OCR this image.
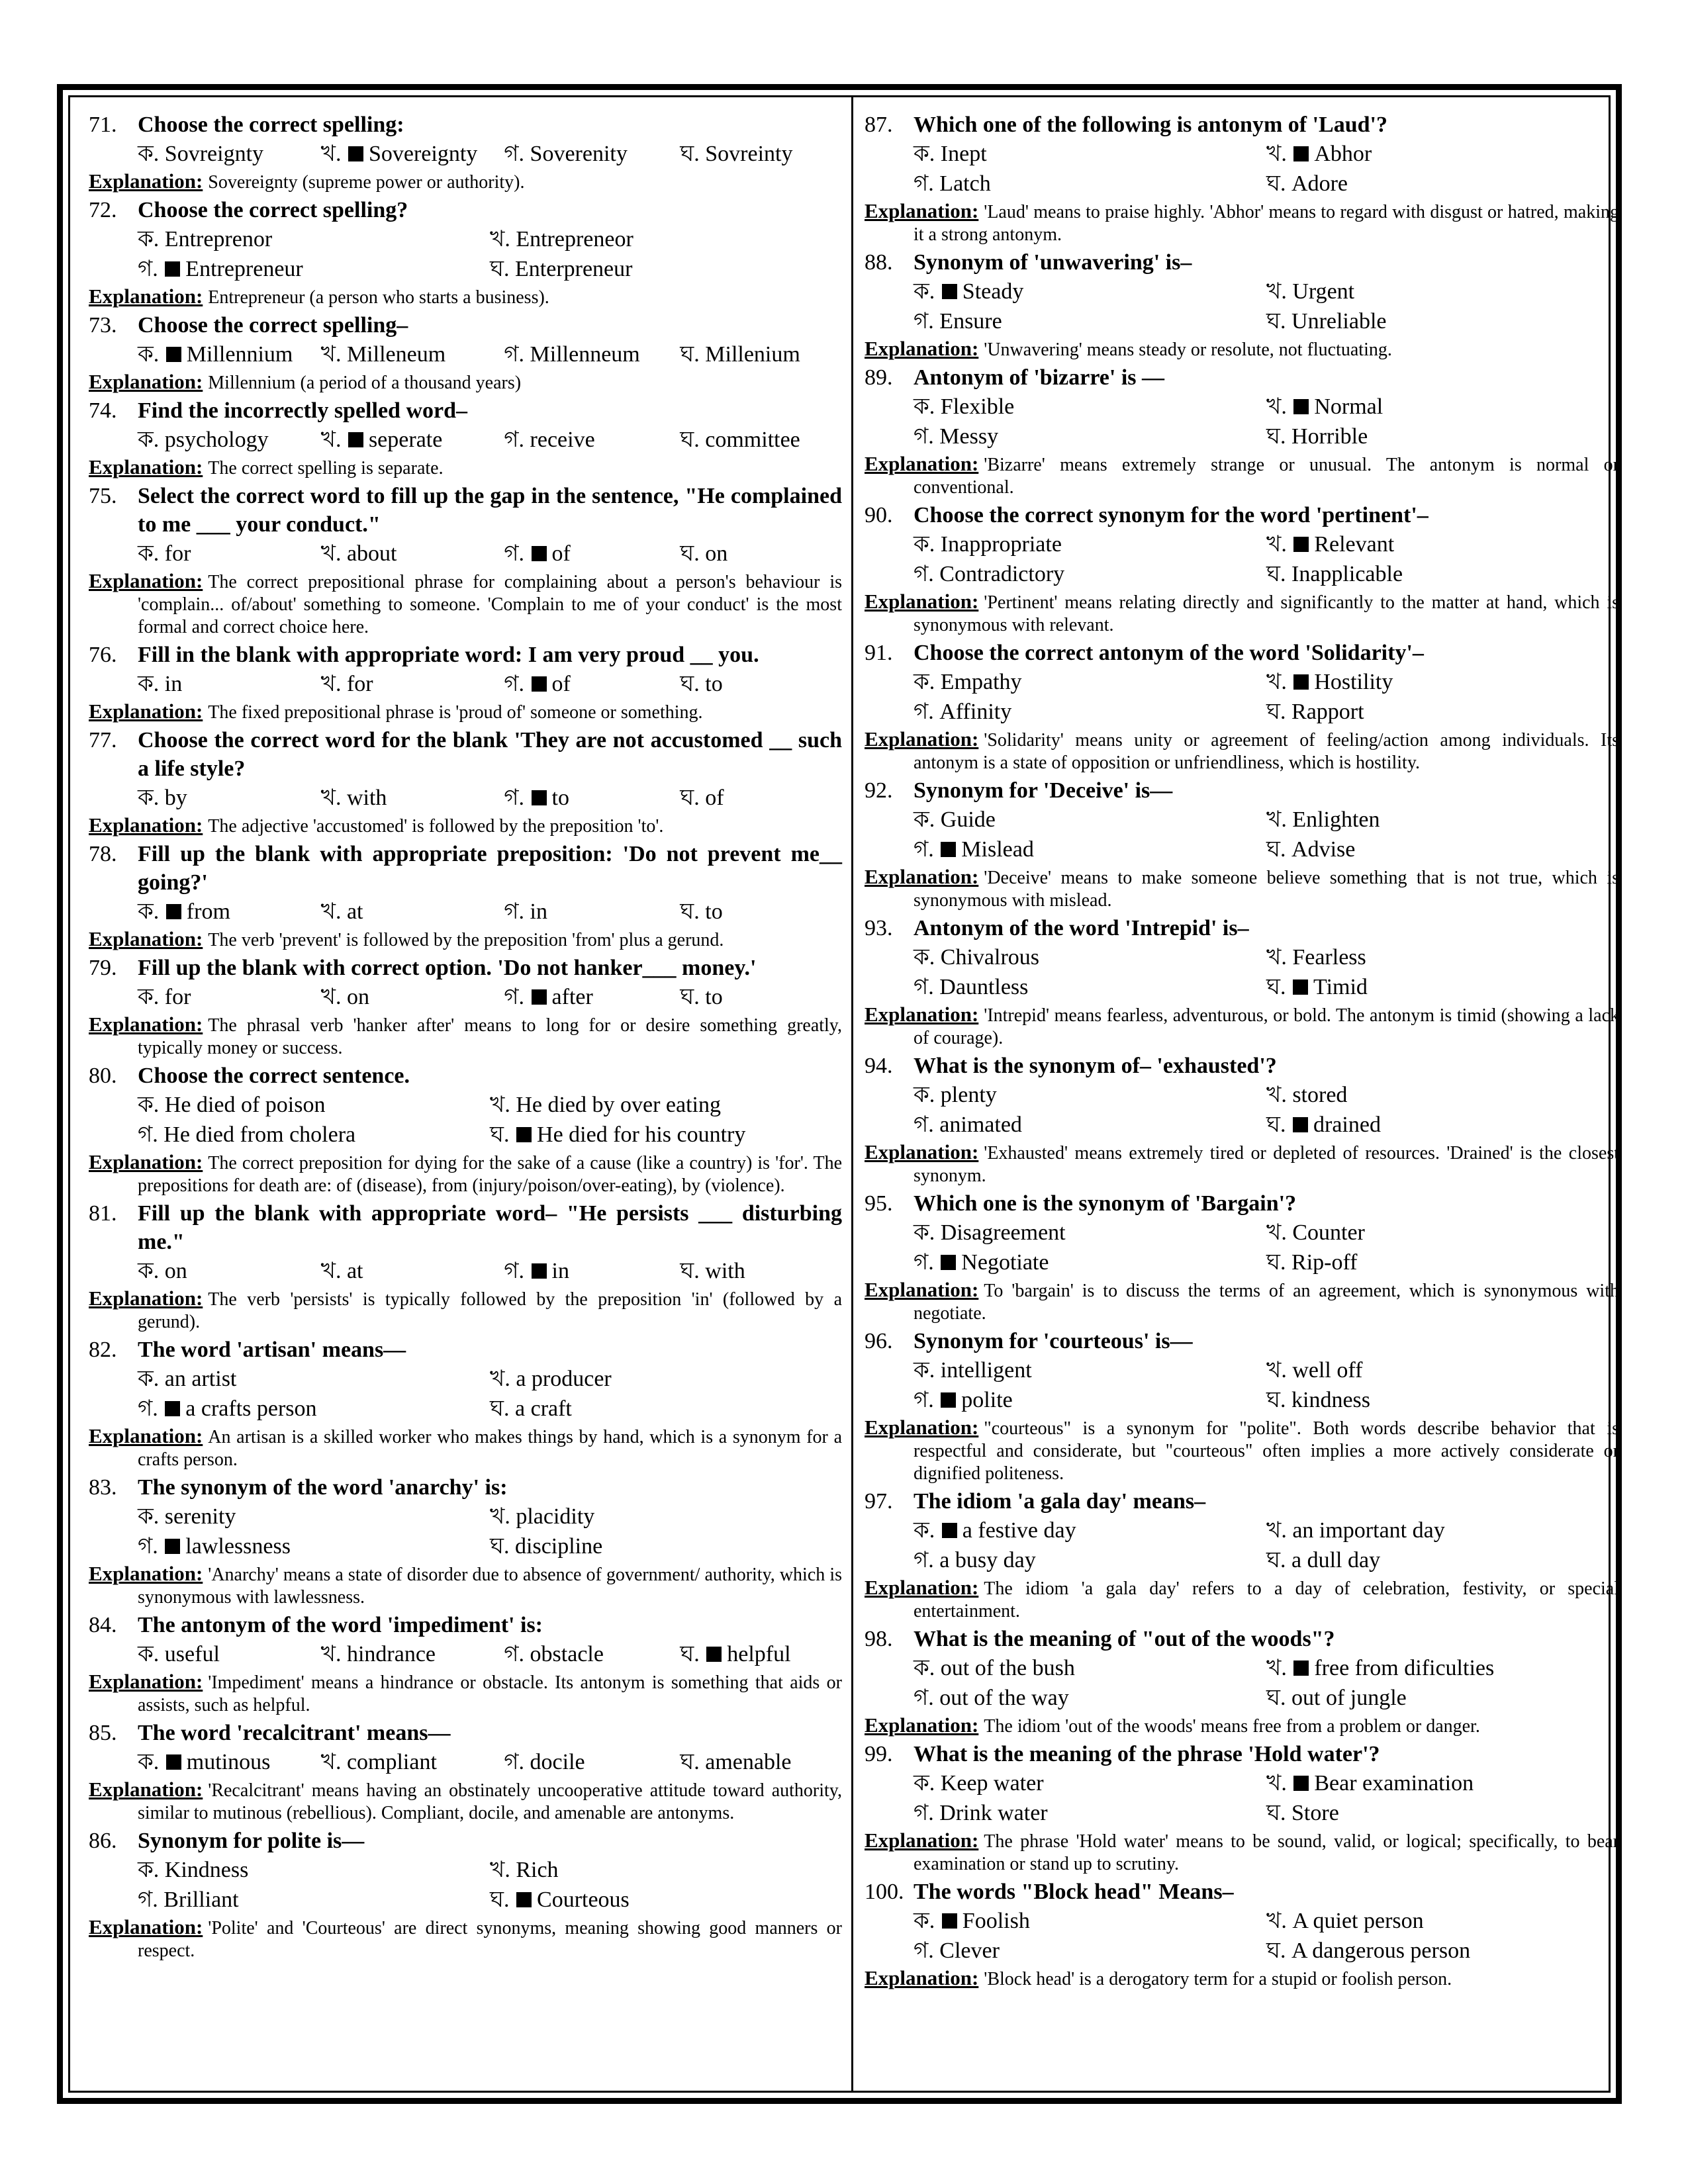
71. Choose the correct spelling:
ক. Sovreignty	খ. Sovereignty	গ. Soverenity	ঘ. Sovreinty
Explanation: Sovereignty (supreme power or authority).
72. Choose the correct spelling?
ক. Entreprenor	খ. Entrepreneor
গ. Entrepreneur	ঘ. Enterpreneur
Explanation: Entrepreneur (a person who starts a business).
73. Choose the correct spelling–
ক. Millennium	খ. Milleneum	গ. Millenneum	ঘ. Millenium
Explanation: Millennium (a period of a thousand years)
74. Find the incorrectly spelled word–
ক. psychology	খ. seperate	গ. receive	ঘ. committee
Explanation: The correct spelling is separate.
75. Select the correct word to fill up the gap in the sentence, "He complained to me ___ your conduct."
ক. for	খ. about	গ. of	ঘ. on
Explanation: The correct prepositional phrase for complaining about a person's behaviour is 'complain... of/about' something to someone. 'Complain to me of your conduct' is the most formal and correct choice here.
76. Fill in the blank with appropriate word: I am very proud __ you.
ক. in	খ. for	গ. of	ঘ. to
Explanation: The fixed prepositional phrase is 'proud of' someone or something.
77. Choose the correct word for the blank 'They are not accustomed __ such a life style?
ক. by	খ. with	গ. to	ঘ. of
Explanation: The adjective 'accustomed' is followed by the preposition 'to'.
78. Fill up the blank with appropriate preposition: 'Do not prevent me__ going?'
ক. from	খ. at	গ. in	ঘ. to
Explanation: The verb 'prevent' is followed by the preposition 'from' plus a gerund.
79. Fill up the blank with correct option. 'Do not hanker___ money.'
ক. for	খ. on	গ. after	ঘ. to
Explanation: The phrasal verb 'hanker after' means to long for or desire something greatly, typically money or success.
80. Choose the correct sentence.
ক. He died of poison	খ. He died by over eating
গ. He died from cholera	ঘ. He died for his country
Explanation: The correct preposition for dying for the sake of a cause (like a country) is 'for'. The prepositions for death are: of (disease), from (injury/poison/over-eating), by (violence).
81. Fill up the blank with appropriate word– "He persists ___ disturbing me."
ক. on	খ. at	গ. in	ঘ. with
Explanation: The verb 'persists' is typically followed by the preposition 'in' (followed by a gerund).
82. The word 'artisan' means—
ক. an artist	খ. a producer
গ. a crafts person	ঘ. a craft
Explanation: An artisan is a skilled worker who makes things by hand, which is a synonym for a crafts person.
83. The synonym of the word 'anarchy' is:
ক. serenity	খ. placidity
গ. lawlessness	ঘ. discipline
Explanation: 'Anarchy' means a state of disorder due to absence of government/ authority, which is synonymous with lawlessness.
84. The antonym of the word 'impediment' is:
ক. useful	খ. hindrance	গ. obstacle	ঘ. helpful
Explanation: 'Impediment' means a hindrance or obstacle. Its antonym is something that aids or assists, such as helpful.
85. The word 'recalcitrant' means—
ক. mutinous	খ. compliant	গ. docile	ঘ. amenable
Explanation: 'Recalcitrant' means having an obstinately uncooperative attitude toward authority, similar to mutinous (rebellious). Compliant, docile, and amenable are antonyms.
86. Synonym for polite is—
ক. Kindness	খ. Rich
গ. Brilliant	ঘ. Courteous
Explanation: 'Polite' and 'Courteous' are direct synonyms, meaning showing good manners or respect.
87. Which one of the following is antonym of 'Laud'?
ক. Inept	খ. Abhor
গ. Latch	ঘ. Adore
Explanation: 'Laud' means to praise highly. 'Abhor' means to regard with disgust or hatred, making it a strong antonym.
88. Synonym of 'unwavering' is–
ক. Steady	খ. Urgent
গ. Ensure	ঘ. Unreliable
Explanation: 'Unwavering' means steady or resolute, not fluctuating.
89. Antonym of 'bizarre' is —
ক. Flexible	খ. Normal
গ. Messy	ঘ. Horrible
Explanation: 'Bizarre' means extremely strange or unusual. The antonym is normal or conventional.
90. Choose the correct synonym for the word 'pertinent'–
ক. Inappropriate	খ. Relevant
গ. Contradictory	ঘ. Inapplicable
Explanation: 'Pertinent' means relating directly and significantly to the matter at hand, which is synonymous with relevant.
91. Choose the correct antonym of the word 'Solidarity'–
ক. Empathy	খ. Hostility
গ. Affinity	ঘ. Rapport
Explanation: 'Solidarity' means unity or agreement of feeling/action among individuals. Its antonym is a state of opposition or unfriendliness, which is hostility.
92. Synonym for 'Deceive' is—
ক. Guide	খ. Enlighten
গ. Mislead	ঘ. Advise
Explanation: 'Deceive' means to make someone believe something that is not true, which is synonymous with mislead.
93. Antonym of the word 'Intrepid' is–
ক. Chivalrous	খ. Fearless
গ. Dauntless	ঘ. Timid
Explanation: 'Intrepid' means fearless, adventurous, or bold. The antonym is timid (showing a lack of courage).
94. What is the synonym of– 'exhausted'?
ক. plenty	খ. stored
গ. animated	ঘ. drained
Explanation: 'Exhausted' means extremely tired or depleted of resources. 'Drained' is the closest synonym.
95. Which one is the synonym of 'Bargain'?
ক. Disagreement	খ. Counter
গ. Negotiate	ঘ. Rip-off
Explanation: To 'bargain' is to discuss the terms of an agreement, which is synonymous with negotiate.
96. Synonym for 'courteous' is—
ক. intelligent	খ. well off
গ. polite	ঘ. kindness
Explanation: "courteous" is a synonym for "polite". Both words describe behavior that is respectful and considerate, but "courteous" often implies a more actively considerate or dignified politeness.
97. The idiom 'a gala day' means–
ক. a festive day	খ. an important day
গ. a busy day	ঘ. a dull day
Explanation: The idiom 'a gala day' refers to a day of celebration, festivity, or special entertainment.
98. What is the meaning of "out of the woods"?
ক. out of the bush	খ. free from dificulties
গ. out of the way	ঘ. out of jungle
Explanation: The idiom 'out of the woods' means free from a problem or danger.
99. What is the meaning of the phrase 'Hold water'?
ক. Keep water	খ. Bear examination
গ. Drink water	ঘ. Store
Explanation: The phrase 'Hold water' means to be sound, valid, or logical; specifically, to bear examination or stand up to scrutiny.
100. The words "Block head" Means–
ক. Foolish	খ. A quiet person
গ. Clever	ঘ. A dangerous person
Explanation: 'Block head' is a derogatory term for a stupid or foolish person.
